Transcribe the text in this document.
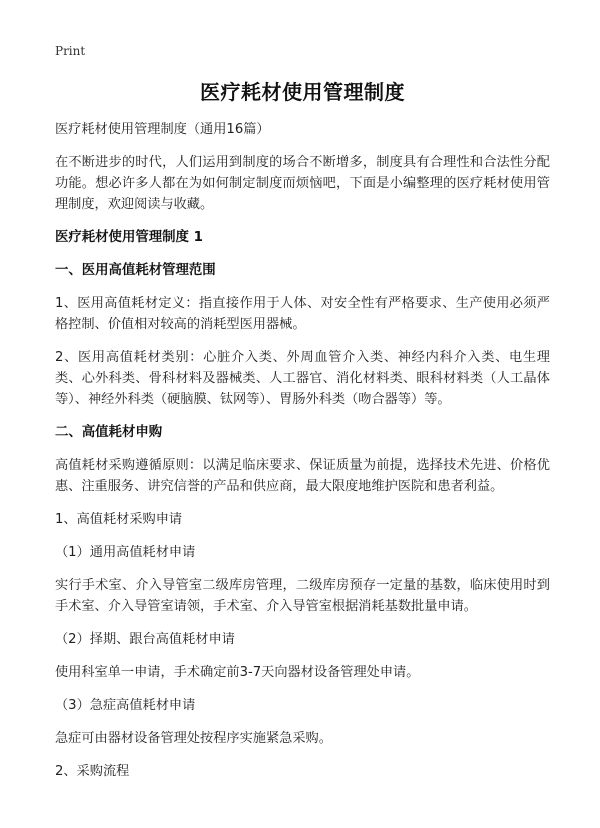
Print
医疗耗材使用管理制度
医疗耗材使用管理制度（通用16篇）
在不断进步的时代，人们运用到制度的场合不断增多，制度具有合理性和合法性分配功能。想必许多人都在为如何制定制度而烦恼吧，下面是小编整理的医疗耗材使用管理制度，欢迎阅读与收藏。
医疗耗材使用管理制度 1
一、医用高值耗材管理范围
1、医用高值耗材定义：指直接作用于人体、对安全性有严格要求、生产使用必须严格控制、价值相对较高的消耗型医用器械。
2、医用高值耗材类别：心脏介入类、外周血管介入类、神经内科介入类、电生理类、心外科类、骨科材料及器械类、人工器官、消化材料类、眼科材料类（人工晶体等）、神经外科类（硬脑膜、钛网等）、胃肠外科类（吻合器等）等。
二、高值耗材申购
高值耗材采购遵循原则：以满足临床要求、保证质量为前提，选择技术先进、价格优惠、注重服务、讲究信誉的产品和供应商，最大限度地维护医院和患者利益。
1、高值耗材采购申请
（1）通用高值耗材申请
实行手术室、介入导管室二级库房管理，二级库房预存一定量的基数，临床使用时到手术室、介入导管室请领，手术室、介入导管室根据消耗基数批量申请。
（2）择期、跟台高值耗材申请
使用科室单一申请，手术确定前3-7天向器材设备管理处申请。
（3）急症高值耗材申请
急症可由器材设备管理处按程序实施紧急采购。
2、采购流程
